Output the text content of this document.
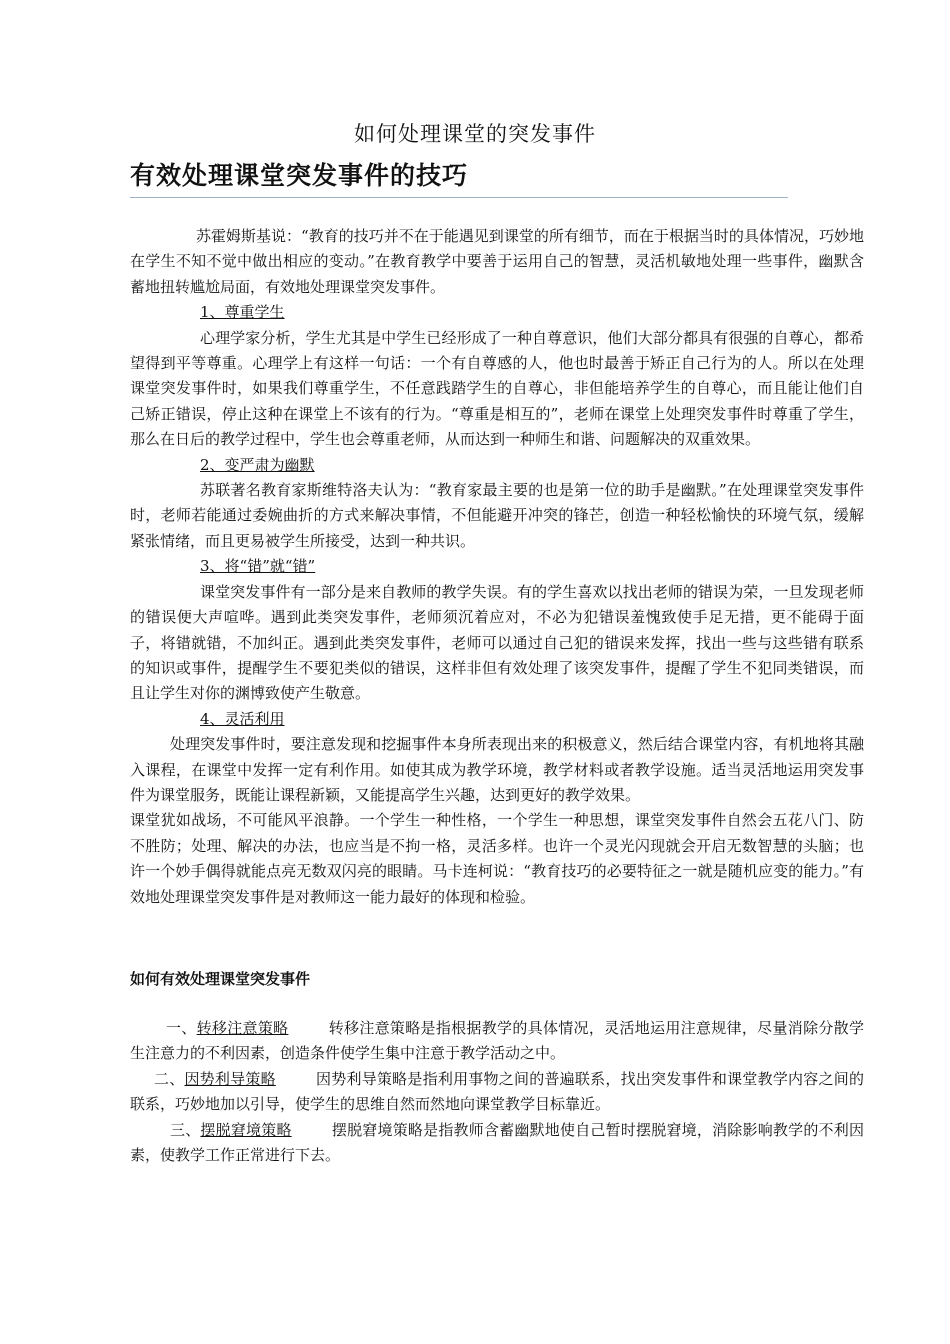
如何处理课堂的突发事件
有效处理课堂突发事件的技巧

苏霍姆斯基说：“教育的技巧并不在于能遇见到课堂的所有细节，而在于根据当时的具体情况，巧妙地在学生不知不觉中做出相应的变动。”在教育教学中要善于运用自己的智慧，灵活机敏地处理一些事件，幽默含蓄地扭转尴尬局面，有效地处理课堂突发事件。

1、尊重学生

心理学家分析，学生尤其是中学生已经形成了一种自尊意识，他们大部分都具有很强的自尊心，都希望得到平等尊重。心理学上有这样一句话：一个有自尊感的人，他也时最善于矫正自己行为的人。所以在处理课堂突发事件时，如果我们尊重学生，不任意践踏学生的自尊心，非但能培养学生的自尊心，而且能让他们自己矫正错误，停止这种在课堂上不该有的行为。“尊重是相互的”，老师在课堂上处理突发事件时尊重了学生，那么在日后的教学过程中，学生也会尊重老师，从而达到一种师生和谐、问题解决的双重效果。

2、变严肃为幽默

苏联著名教育家斯维特洛夫认为：“教育家最主要的也是第一位的助手是幽默。”在处理课堂突发事件时，老师若能通过委婉曲折的方式来解决事情，不但能避开冲突的锋芒，创造一种轻松愉快的环境气氛，缓解紧张情绪，而且更易被学生所接受，达到一种共识。

3、将“错”就“错”

课堂突发事件有一部分是来自教师的教学失误。有的学生喜欢以找出老师的错误为荣，一旦发现老师的错误便大声喧哗。遇到此类突发事件，老师须沉着应对，不必为犯错误羞愧致使手足无措，更不能碍于面子，将错就错，不加纠正。遇到此类突发事件，老师可以通过自己犯的错误来发挥，找出一些与这些错有联系的知识或事件，提醒学生不要犯类似的错误，这样非但有效处理了该突发事件，提醒了学生不犯同类错误，而且让学生对你的渊博致使产生敬意。

4、灵活利用

处理突发事件时，要注意发现和挖掘事件本身所表现出来的积极意义，然后结合课堂内容，有机地将其融入课程，在课堂中发挥一定有利作用。如使其成为教学环境，教学材料或者教学设施。适当灵活地运用突发事件为课堂服务，既能让课程新颖，又能提高学生兴趣，达到更好的教学效果。

课堂犹如战场，不可能风平浪静。一个学生一种性格，一个学生一种思想，课堂突发事件自然会五花八门、防不胜防；处理、解决的办法，也应当是不拘一格，灵活多样。也许一个灵光闪现就会开启无数智慧的头脑；也许一个妙手偶得就能点亮无数双闪亮的眼睛。马卡连柯说：“教育技巧的必要特征之一就是随机应变的能力。”有效地处理课堂突发事件是对教师这一能力最好的体现和检验。

如何有效处理课堂突发事件

一、转移注意策略	转移注意策略是指根据教学的具体情况，灵活地运用注意规律，尽量消除分散学生注意力的不利因素，创造条件使学生集中注意于教学活动之中。

二、因势利导策略	因势利导策略是指利用事物之间的普遍联系，找出突发事件和课堂教学内容之间的联系，巧妙地加以引导，使学生的思维自然而然地向课堂教学目标靠近。

三、摆脱窘境策略	摆脱窘境策略是指教师含蓄幽默地使自己暂时摆脱窘境，消除影响教学的不利因素，使教学工作正常进行下去。
